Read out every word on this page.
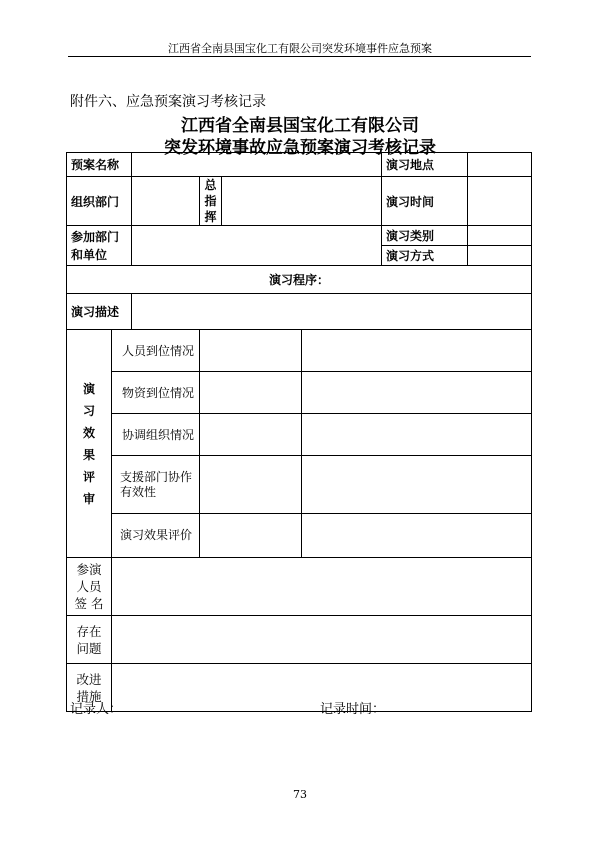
江西省全南县国宝化工有限公司突发环境事件应急预案
附件六、应急预案演习考核记录
江西省全南县国宝化工有限公司
突发环境事故应急预案演习考核记录
预案名称						演习地点	
组织部门			总指挥			演习时间	
参加部门
和单位						演习类别	
						演习方式	
演习程序：							
演习描述							

演习效果评审	人员到位情况						
	物资到位情况						
	协调组织情况						
	支援部门协作有效性						
	演习效果评价						
参演人员签 名							
存在问题							
改进措施							
记录人：	记录时间：
73
